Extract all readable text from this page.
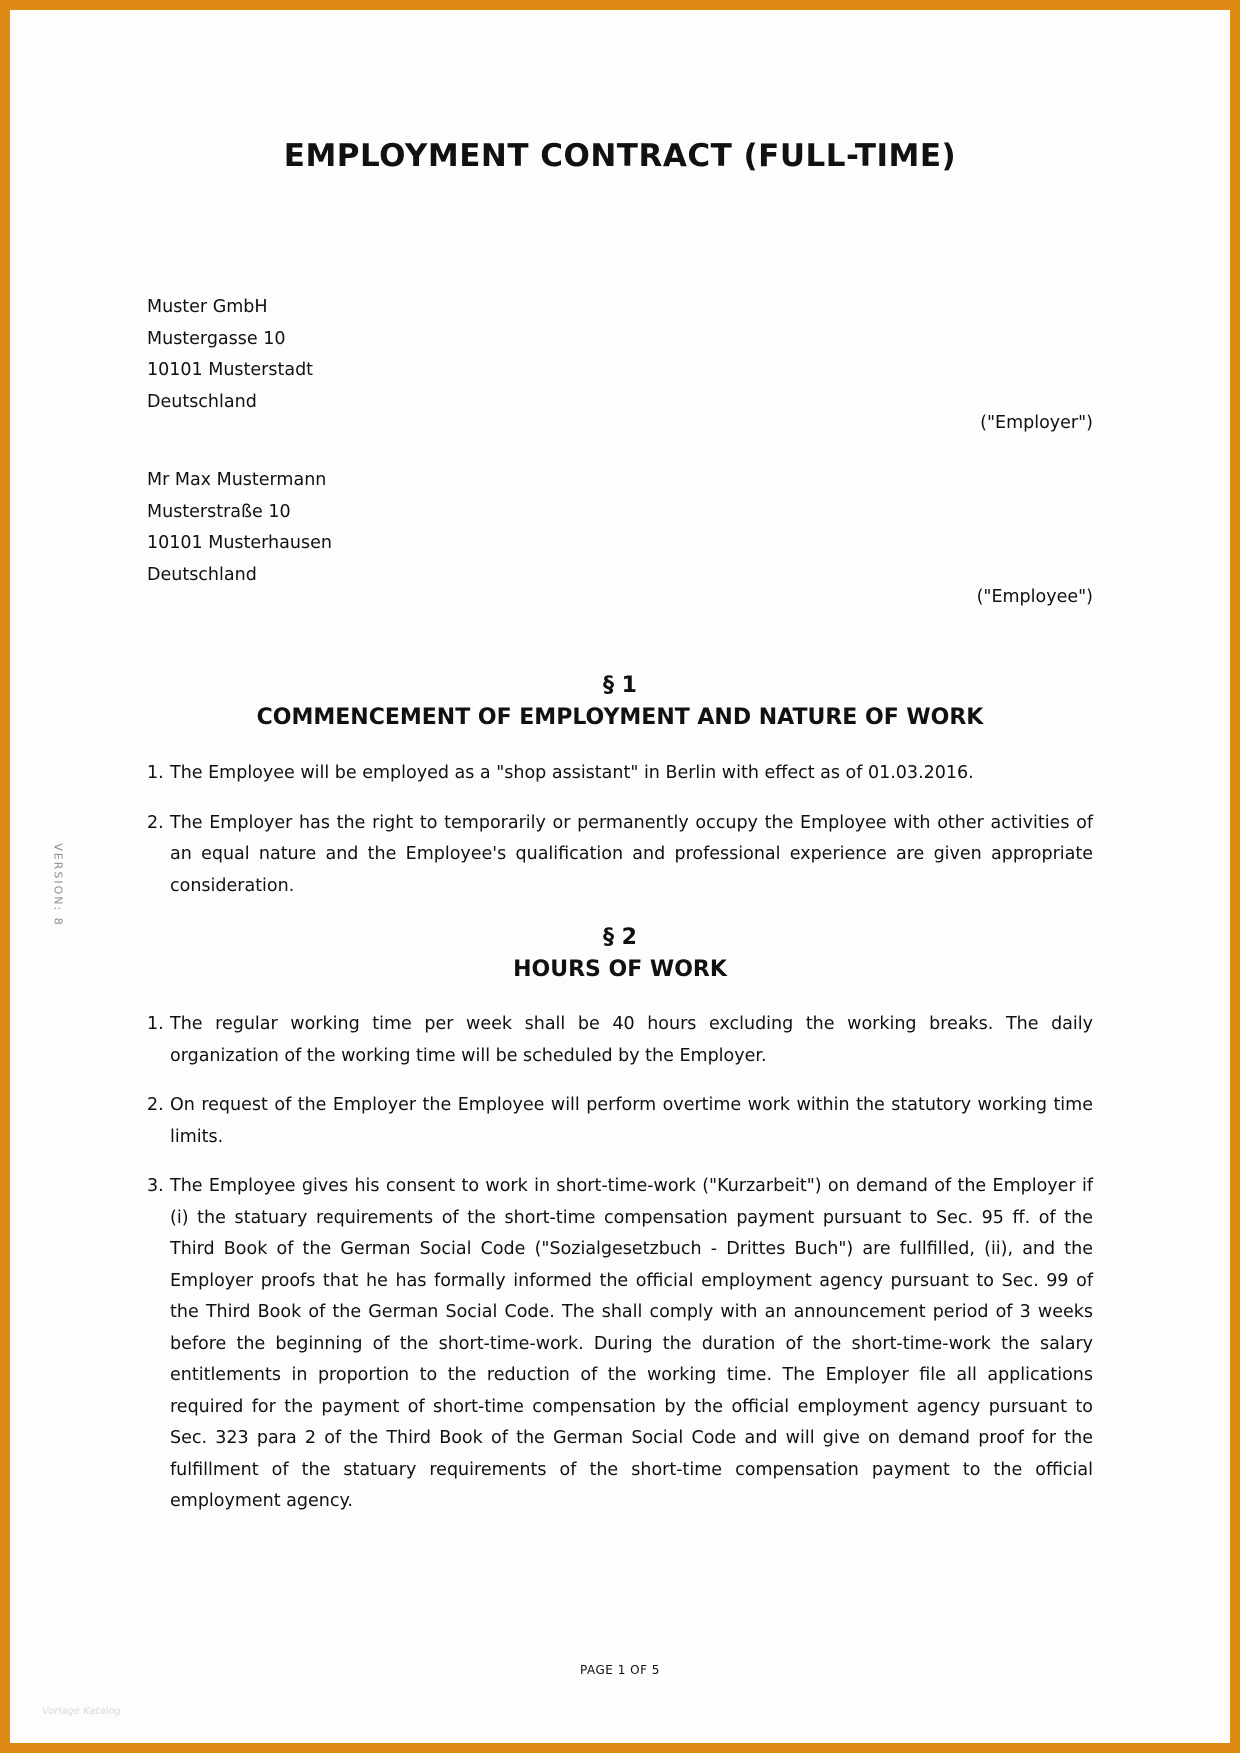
EMPLOYMENT CONTRACT (FULL-TIME)
Muster GmbH
Mustergasse 10
10101 Musterstadt
Deutschland
("Employer")
Mr Max Mustermann
Musterstraße 10
10101 Musterhausen
Deutschland
("Employee")
§ 1
COMMENCEMENT OF EMPLOYMENT AND NATURE OF WORK
1. The Employee will be employed as a "shop assistant" in Berlin with effect as of 01.03.2016.
2. The Employer has the right to temporarily or permanently occupy the Employee with other activities of an equal nature and the Employee's qualification and professional experience are given appropriate consideration.
§ 2
HOURS OF WORK
1. The regular working time per week shall be 40 hours excluding the working breaks. The daily organization of the working time will be scheduled by the Employer.
2. On request of the Employer the Employee will perform overtime work within the statutory working time limits.
3. The Employee gives his consent to work in short-time-work ("Kurzarbeit") on demand of the Employer if (i) the statuary requirements of the short-time compensation payment pursuant to Sec. 95 ff. of the Third Book of the German Social Code ("Sozialgesetzbuch - Drittes Buch") are fullfilled, (ii), and the Employer proofs that he has formally informed the official employment agency pursuant to Sec. 99 of the Third Book of the German Social Code. The shall comply with an announcement period of 3 weeks before the beginning of the short-time-work. During the duration of the short-time-work the salary entitlements in proportion to the reduction of the working time. The Employer file all applications required for the payment of short-time compensation by the official employment agency pursuant to Sec. 323 para 2 of the Third Book of the German Social Code and will give on demand proof for the fulfillment of the statuary requirements of the short-time compensation payment to the official employment agency.
VERSION: 8
PAGE 1 OF 5
Vorlage Katalog
